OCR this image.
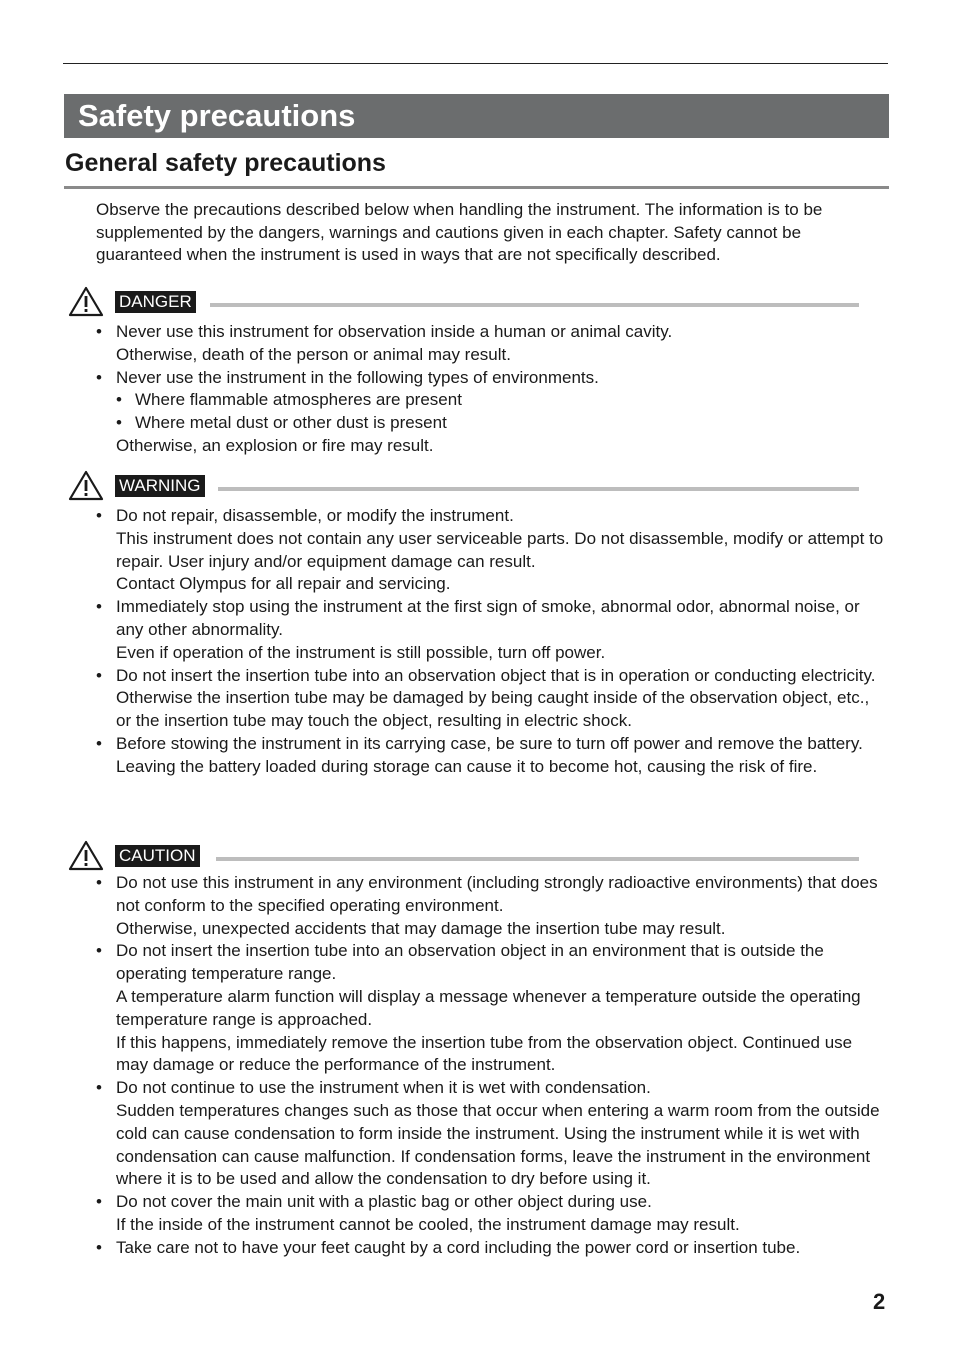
Safety precautions
General safety precautions

Observe the precautions described below when handling the instrument. The information is to be supplemented by the dangers, warnings and cautions given in each chapter. Safety cannot be guaranteed when the instrument is used in ways that are not specifically described.

DANGER
• Never use this instrument for observation inside a human or animal cavity.
Otherwise, death of the person or animal may result.
• Never use the instrument in the following types of environments.
• Where flammable atmospheres are present
• Where metal dust or other dust is present
Otherwise, an explosion or fire may result.
WARNING
• Do not repair, disassemble, or modify the instrument.
This instrument does not contain any user serviceable parts. Do not disassemble, modify or attempt to repair. User injury and/or equipment damage can result.
Contact Olympus for all repair and servicing.
• Immediately stop using the instrument at the first sign of smoke, abnormal odor, abnormal noise, or any other abnormality.
Even if operation of the instrument is still possible, turn off power.
• Do not insert the insertion tube into an observation object that is in operation or conducting electricity.
Otherwise the insertion tube may be damaged by being caught inside of the observation object, etc., or the insertion tube may touch the object, resulting in electric shock.
• Before stowing the instrument in its carrying case, be sure to turn off power and remove the battery.
Leaving the battery loaded during storage can cause it to become hot, causing the risk of fire.
CAUTION
• Do not use this instrument in any environment (including strongly radioactive environments) that does not conform to the specified operating environment.
Otherwise, unexpected accidents that may damage the insertion tube may result.
• Do not insert the insertion tube into an observation object in an environment that is outside the operating temperature range.
A temperature alarm function will display a message whenever a temperature outside the operating temperature range is approached.
If this happens, immediately remove the insertion tube from the observation object. Continued use may damage or reduce the performance of the instrument.
• Do not continue to use the instrument when it is wet with condensation.
Sudden temperatures changes such as those that occur when entering a warm room from the outside cold can cause condensation to form inside the instrument. Using the instrument while it is wet with condensation can cause malfunction. If condensation forms, leave the instrument in the environment where it is to be used and allow the condensation to dry before using it.
• Do not cover the main unit with a plastic bag or other object during use.
If the inside of the instrument cannot be cooled, the instrument damage may result.
• Take care not to have your feet caught by a cord including the power cord or insertion tube.
2
